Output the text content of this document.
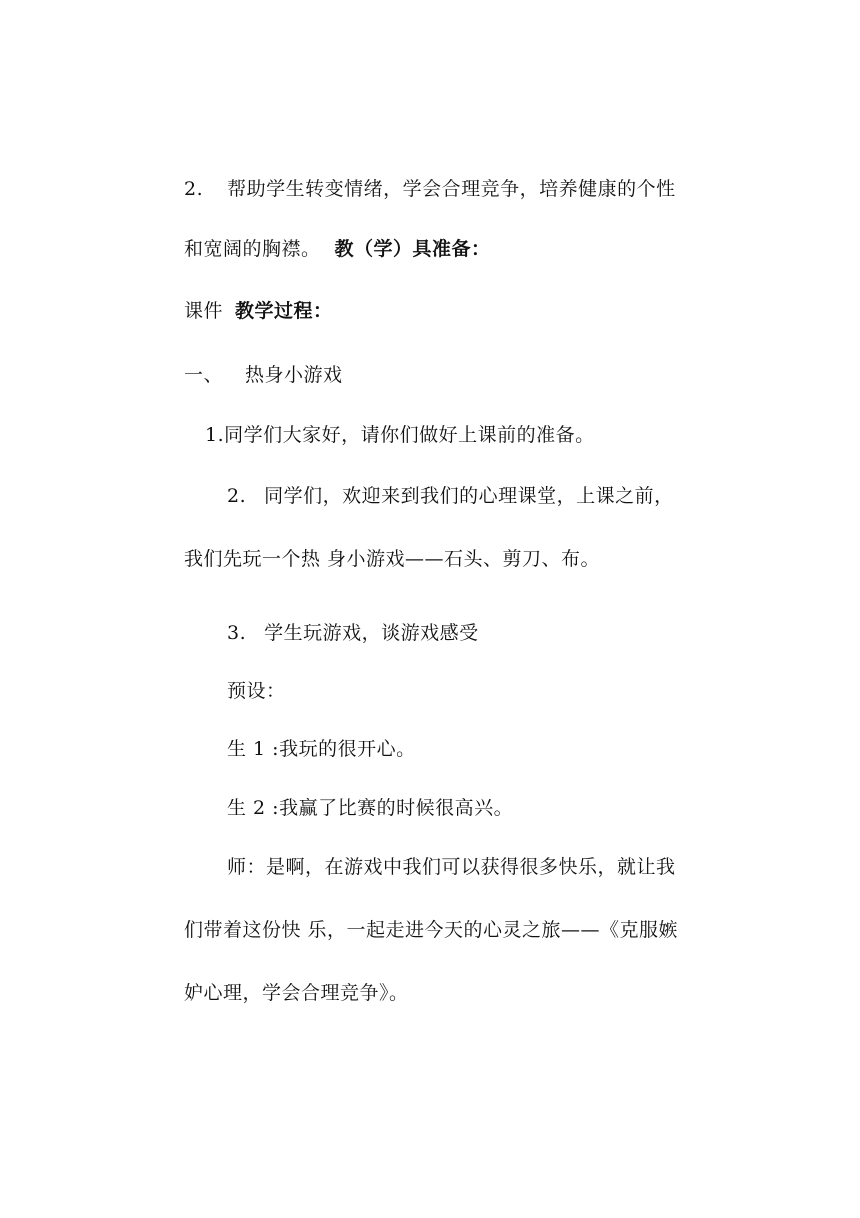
2. 帮助学生转变情绪，学会合理竞争，培养健康的个性
和宽阔的胸襟。 教（学）具准备：
课件 教学过程：
一、 热身小游戏
1.同学们大家好，请你们做好上课前的准备。
2. 同学们，欢迎来到我们的心理课堂，上课之前，
我们先玩一个热 身小游戏——石头、剪刀、布。
3. 学生玩游戏，谈游戏感受
预设：
生 1 :我玩的很开心。
生 2 :我赢了比赛的时候很高兴。
师：是啊，在游戏中我们可以获得很多快乐，就让我
们带着这份快 乐，一起走进今天的心灵之旅——《克服嫉
妒心理，学会合理竞争》。
